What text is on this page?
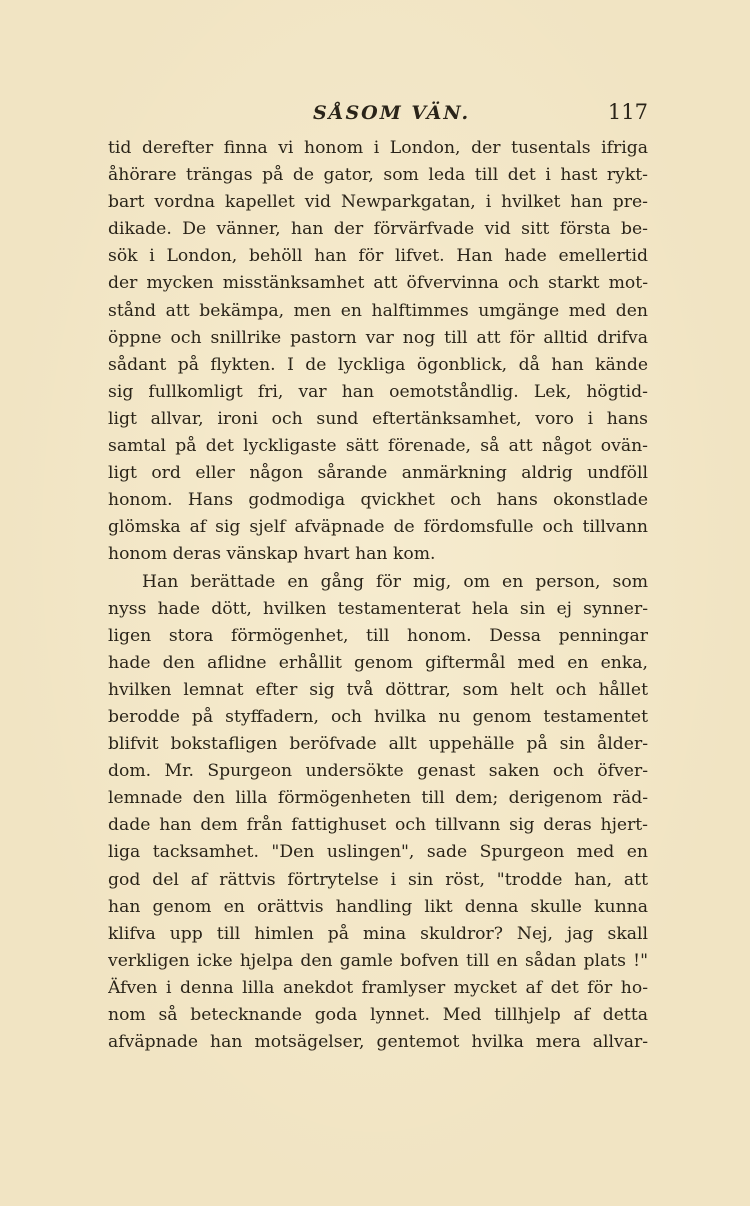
SÅSOM VÄN.	117
tid derefter finna vi honom i London, der tusentals ifriga
åhörare trängas på de gator, som leda till det i hast rykt-
bart vordna kapellet vid Newparkgatan, i hvilket han pre-
dikade. De vänner, han der förvärfvade vid sitt första be-
sök i London, behöll han för lifvet. Han hade emellertid
der mycken misstänksamhet att öfvervinna och starkt mot-
stånd att bekämpa, men en halftimmes umgänge med den
öppne och snillrike pastorn var nog till att för alltid drifva
sådant på flykten. I de lyckliga ögonblick, då han kände
sig fullkomligt fri, var han oemotståndlig. Lek, högtid-
ligt allvar, ironi och sund eftertänksamhet, voro i hans
samtal på det lyckligaste sätt förenade, så att något ovän-
ligt ord eller någon sårande anmärkning aldrig undföll
honom. Hans godmodiga qvickhet och hans okonstlade
glömska af sig sjelf afväpnade de fördomsfulle och tillvann
honom deras vänskap hvart han kom.
Han berättade en gång för mig, om en person, som
nyss hade dött, hvilken testamenterat hela sin ej synner-
ligen stora förmögenhet, till honom. Dessa penningar
hade den aflidne erhållit genom giftermål med en enka,
hvilken lemnat efter sig två döttrar, som helt och hållet
berodde på styffadern, och hvilka nu genom testamentet
blifvit bokstafligen beröfvade allt uppehälle på sin ålder-
dom. Mr. Spurgeon undersökte genast saken och öfver-
lemnade den lilla förmögenheten till dem; derigenom räd-
dade han dem från fattighuset och tillvann sig deras hjert-
liga tacksamhet. "Den uslingen", sade Spurgeon med en
god del af rättvis förtrytelse i sin röst, "trodde han, att
han genom en orättvis handling likt denna skulle kunna
klifva upp till himlen på mina skuldror? Nej, jag skall
verkligen icke hjelpa den gamle bofven till en sådan plats !"
Äfven i denna lilla anekdot framlyser mycket af det för ho-
nom så betecknande goda lynnet. Med tillhjelp af detta
afväpnade han motsägelser, gentemot hvilka mera allvar-
